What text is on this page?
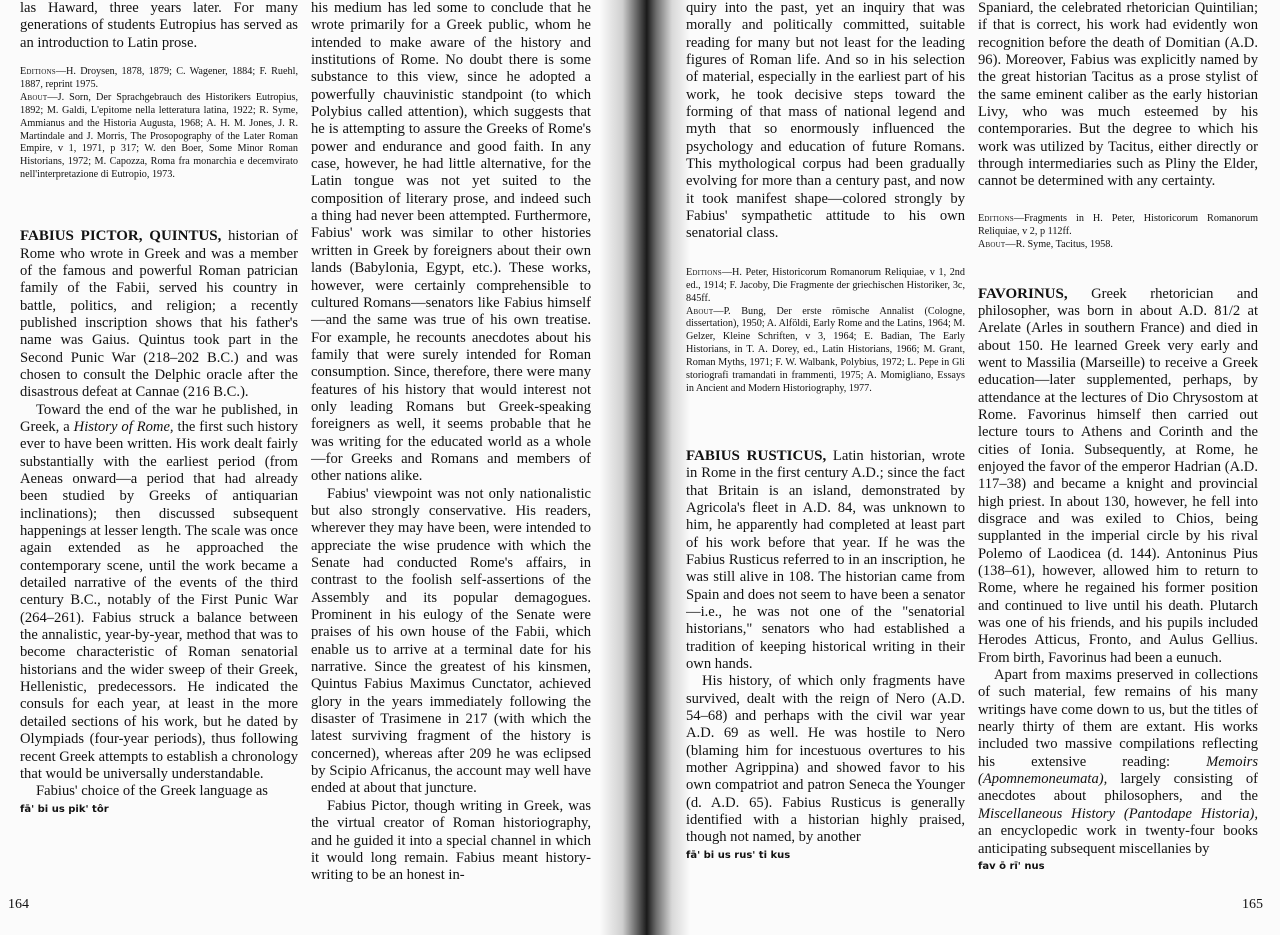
las Haward, three years later. For many generations of students Eutropius has served as an introduction to Latin prose.

Editions—H. Droysen, 1878, 1879; C. Wagener, 1884; F. Ruehl, 1887, reprint 1975.

About—J. Sorn, Der Sprachgebrauch des Historikers Eutropius, 1892; M. Galdi, L'epitome nella letteratura latina, 1922; R. Syme, Ammianus and the Historia Augusta, 1968; A. H. M. Jones, J. R. Martindale and J. Morris, The Prosopography of the Later Roman Empire, v 1, 1971, p 317; W. den Boer, Some Minor Roman Historians, 1972; M. Capozza, Roma fra monarchia e decemvirato nell'interpretazione di Eutropio, 1973.

FABIUS PICTOR, QUINTUS, historian of Rome who wrote in Greek and was a member of the famous and powerful Roman patrician family of the Fabii, served his country in battle, politics, and religion; a recently published inscription shows that his father's name was Gaius. Quintus took part in the Second Punic War (218–202 B.C.) and was chosen to consult the Delphic oracle after the disastrous defeat at Cannae (216 B.C.).

Toward the end of the war he published, in Greek, a History of Rome, the first such history ever to have been written. His work dealt fairly substantially with the earliest period (from Aeneas onward—a period that had already been studied by Greeks of antiquarian inclinations); then discussed subsequent happenings at lesser length. The scale was once again extended as he approached the contemporary scene, until the work became a detailed narrative of the events of the third century B.C., notably of the First Punic War (264–261). Fabius struck a balance between the annalistic, year-by-year, method that was to become characteristic of Roman senatorial historians and the wider sweep of their Greek, Hellenistic, predecessors. He indicated the consuls for each year, at least in the more detailed sections of his work, but he dated by Olympiads (four-year periods), thus following recent Greek attempts to establish a chronology that would be universally understandable.

Fabius' choice of the Greek language as

fā' bi us pik' tôr

his medium has led some to conclude that he wrote primarily for a Greek public, whom he intended to make aware of the history and institutions of Rome. No doubt there is some substance to this view, since he adopted a powerfully chauvinistic standpoint (to which Polybius called attention), which suggests that he is attempting to assure the Greeks of Rome's power and endurance and good faith. In any case, however, he had little alternative, for the Latin tongue was not yet suited to the composition of literary prose, and indeed such a thing had never been attempted. Furthermore, Fabius' work was similar to other histories written in Greek by foreigners about their own lands (Babylonia, Egypt, etc.). These works, however, were certainly comprehensible to cultured Romans—senators like Fabius himself—and the same was true of his own treatise. For example, he recounts anecdotes about his family that were surely intended for Roman consumption. Since, therefore, there were many features of his history that would interest not only leading Romans but Greek-speaking foreigners as well, it seems probable that he was writing for the educated world as a whole—for Greeks and Romans and members of other nations alike.

Fabius' viewpoint was not only nationalistic but also strongly conservative. His readers, wherever they may have been, were intended to appreciate the wise prudence with which the Senate had conducted Rome's affairs, in contrast to the foolish self-assertions of the Assembly and its popular demagogues. Prominent in his eulogy of the Senate were praises of his own house of the Fabii, which enable us to arrive at a terminal date for his narrative. Since the greatest of his kinsmen, Quintus Fabius Maximus Cunctator, achieved glory in the years immediately following the disaster of Trasimene in 217 (with which the latest surviving fragment of the history is concerned), whereas after 209 he was eclipsed by Scipio Africanus, the account may well have ended at about that juncture.

Fabius Pictor, though writing in Greek, was the virtual creator of Roman historiography, and he guided it into a special channel in which it would long remain. Fabius meant history-writing to be an honest in-

quiry into the past, yet an inquiry that was morally and politically committed, suitable reading for many but not least for the leading figures of Roman life. And so in his selection of material, especially in the earliest part of his work, he took decisive steps toward the forming of that mass of national legend and myth that so enormously influenced the psychology and education of future Romans. This mythological corpus had been gradually evolving for more than a century past, and now it took manifest shape—colored strongly by Fabius' sympathetic attitude to his own senatorial class.

Editions—H. Peter, Historicorum Romanorum Reliquiae, v 1, 2nd ed., 1914; F. Jacoby, Die Fragmente der griechischen Historiker, 3c, 845ff.

About—P. Bung, Der erste römische Annalist (Cologne, dissertation), 1950; A. Alföldi, Early Rome and the Latins, 1964; M. Gelzer, Kleine Schriften, v 3, 1964; E. Badian, The Early Historians, in T. A. Dorey, ed., Latin Historians, 1966; M. Grant, Roman Myths, 1971; F. W. Walbank, Polybius, 1972; L. Pepe in Gli storiografi tramandati in frammenti, 1975; A. Momigliano, Essays in Ancient and Modern Historiography, 1977.

FABIUS RUSTICUS, Latin historian, wrote in Rome in the first century A.D.; since the fact that Britain is an island, demonstrated by Agricola's fleet in A.D. 84, was unknown to him, he apparently had completed at least part of his work before that year. If he was the Fabius Rusticus referred to in an inscription, he was still alive in 108. The historian came from Spain and does not seem to have been a senator—i.e., he was not one of the "senatorial historians," senators who had established a tradition of keeping historical writing in their own hands.

His history, of which only fragments have survived, dealt with the reign of Nero (A.D. 54–68) and perhaps with the civil war year A.D. 69 as well. He was hostile to Nero (blaming him for incestuous overtures to his mother Agrippina) and showed favor to his own compatriot and patron Seneca the Younger (d. A.D. 65). Fabius Rusticus is generally identified with a historian highly praised, though not named, by another

fā' bi us rus' ti kus

Spaniard, the celebrated rhetorician Quintilian; if that is correct, his work had evidently won recognition before the death of Domitian (A.D. 96). Moreover, Fabius was explicitly named by the great historian Tacitus as a prose stylist of the same eminent caliber as the early historian Livy, who was much esteemed by his contemporaries. But the degree to which his work was utilized by Tacitus, either directly or through intermediaries such as Pliny the Elder, cannot be determined with any certainty.

Editions—Fragments in H. Peter, Historicorum Romanorum Reliquiae, v 2, p 112ff.

About—R. Syme, Tacitus, 1958.

FAVORINUS, Greek rhetorician and philosopher, was born in about A.D. 81/2 at Arelate (Arles in southern France) and died in about 150. He learned Greek very early and went to Massilia (Marseille) to receive a Greek education—later supplemented, perhaps, by attendance at the lectures of Dio Chrysostom at Rome. Favorinus himself then carried out lecture tours to Athens and Corinth and the cities of Ionia. Subsequently, at Rome, he enjoyed the favor of the emperor Hadrian (A.D. 117–38) and became a knight and provincial high priest. In about 130, however, he fell into disgrace and was exiled to Chios, being supplanted in the imperial circle by his rival Polemo of Laodicea (d. 144). Antoninus Pius (138–61), however, allowed him to return to Rome, where he regained his former position and continued to live until his death. Plutarch was one of his friends, and his pupils included Herodes Atticus, Fronto, and Aulus Gellius. From birth, Favorinus had been a eunuch.

Apart from maxims preserved in collections of such material, few remains of his many writings have come down to us, but the titles of nearly thirty of them are extant. His works included two massive compilations reflecting his extensive reading: Memoirs (Apomnemoneumata), largely consisting of anecdotes about philosophers, and the Miscellaneous History (Pantodape Historia), an encyclopedic work in twenty-four books anticipating subsequent miscellanies by

fav ō rī' nus

164	165
